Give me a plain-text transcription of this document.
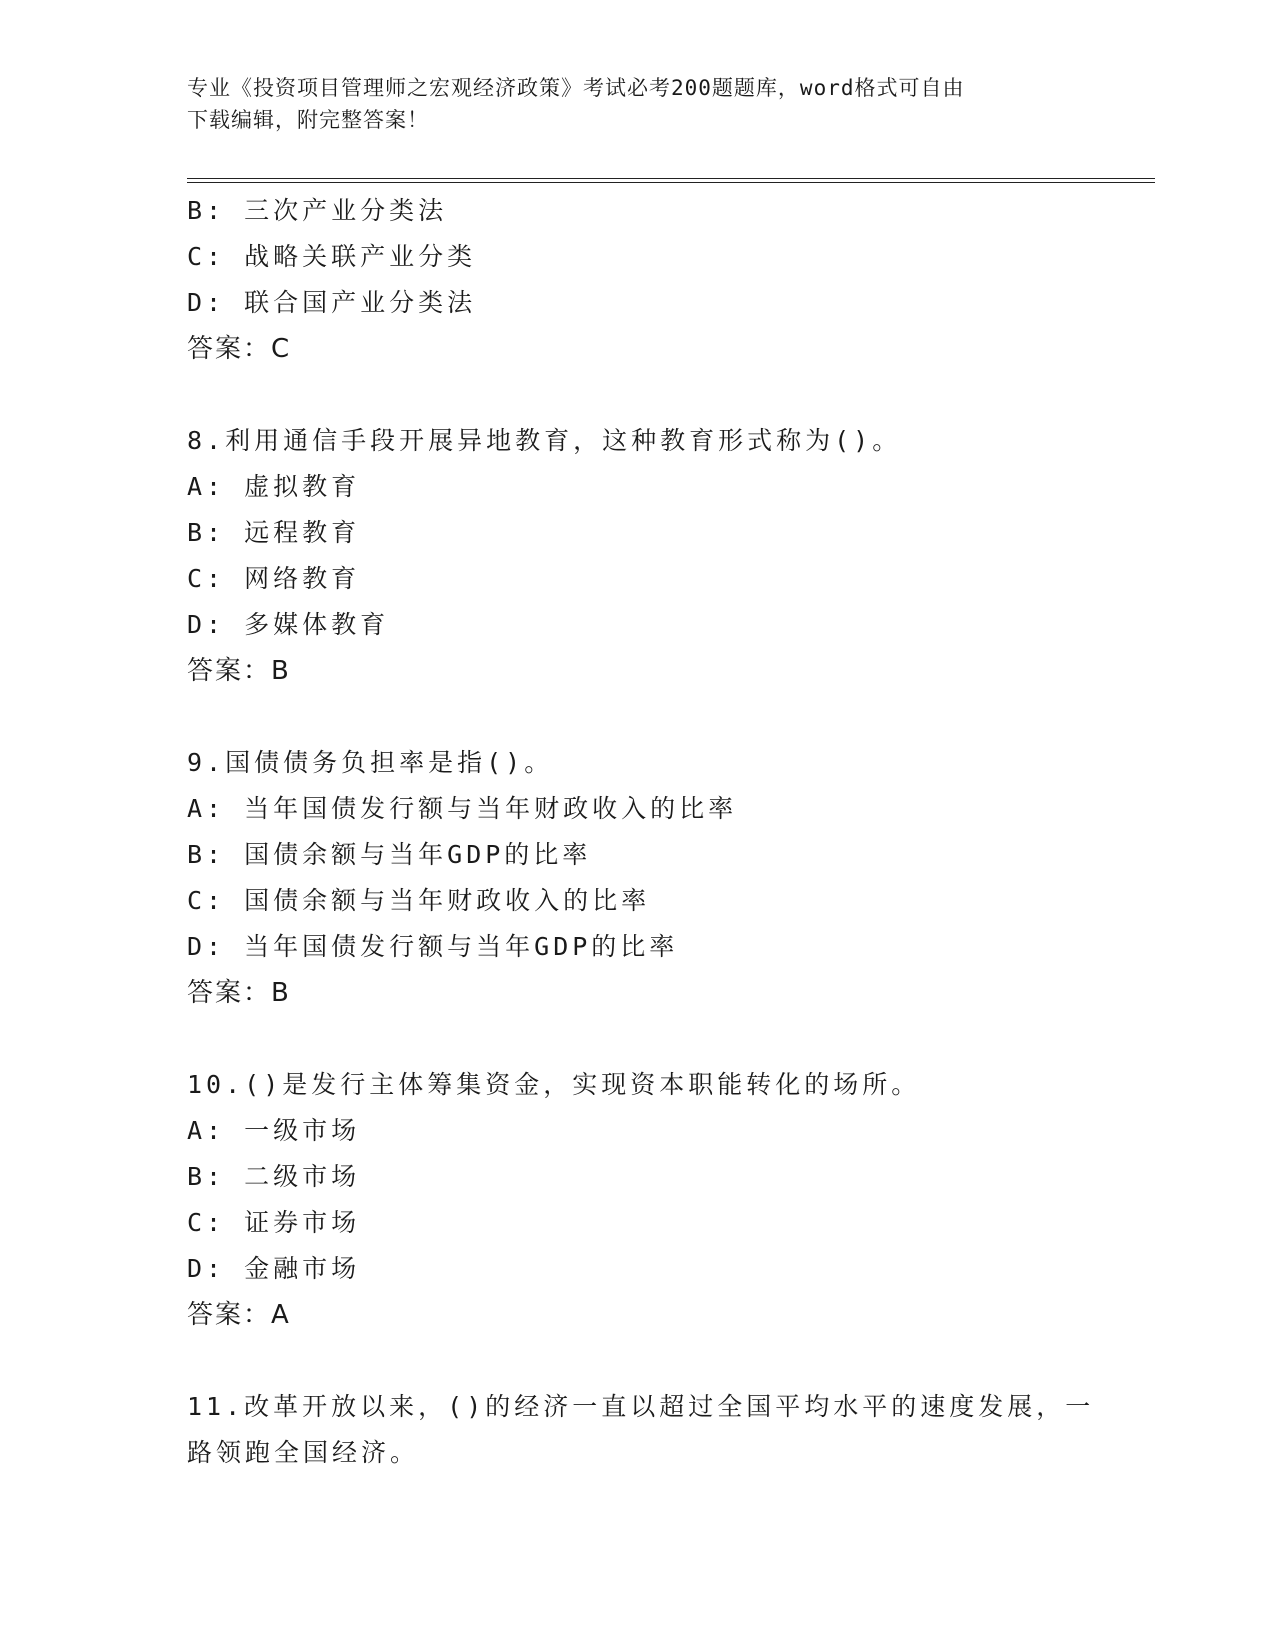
专业《投资项目管理师之宏观经济政策》考试必考200题题库，word格式可自由
下载编辑，附完整答案！
B: 三次产业分类法
C: 战略关联产业分类
D: 联合国产业分类法
答案：C
8.利用通信手段开展异地教育，这种教育形式称为()。
A: 虚拟教育
B: 远程教育
C: 网络教育
D: 多媒体教育
答案：B
9.国债债务负担率是指()。
A: 当年国债发行额与当年财政收入的比率
B: 国债余额与当年GDP的比率
C: 国债余额与当年财政收入的比率
D: 当年国债发行额与当年GDP的比率
答案：B
10.()是发行主体筹集资金，实现资本职能转化的场所。
A: 一级市场
B: 二级市场
C: 证券市场
D: 金融市场
答案：A
11.改革开放以来，()的经济一直以超过全国平均水平的速度发展，一
路领跑全国经济。
